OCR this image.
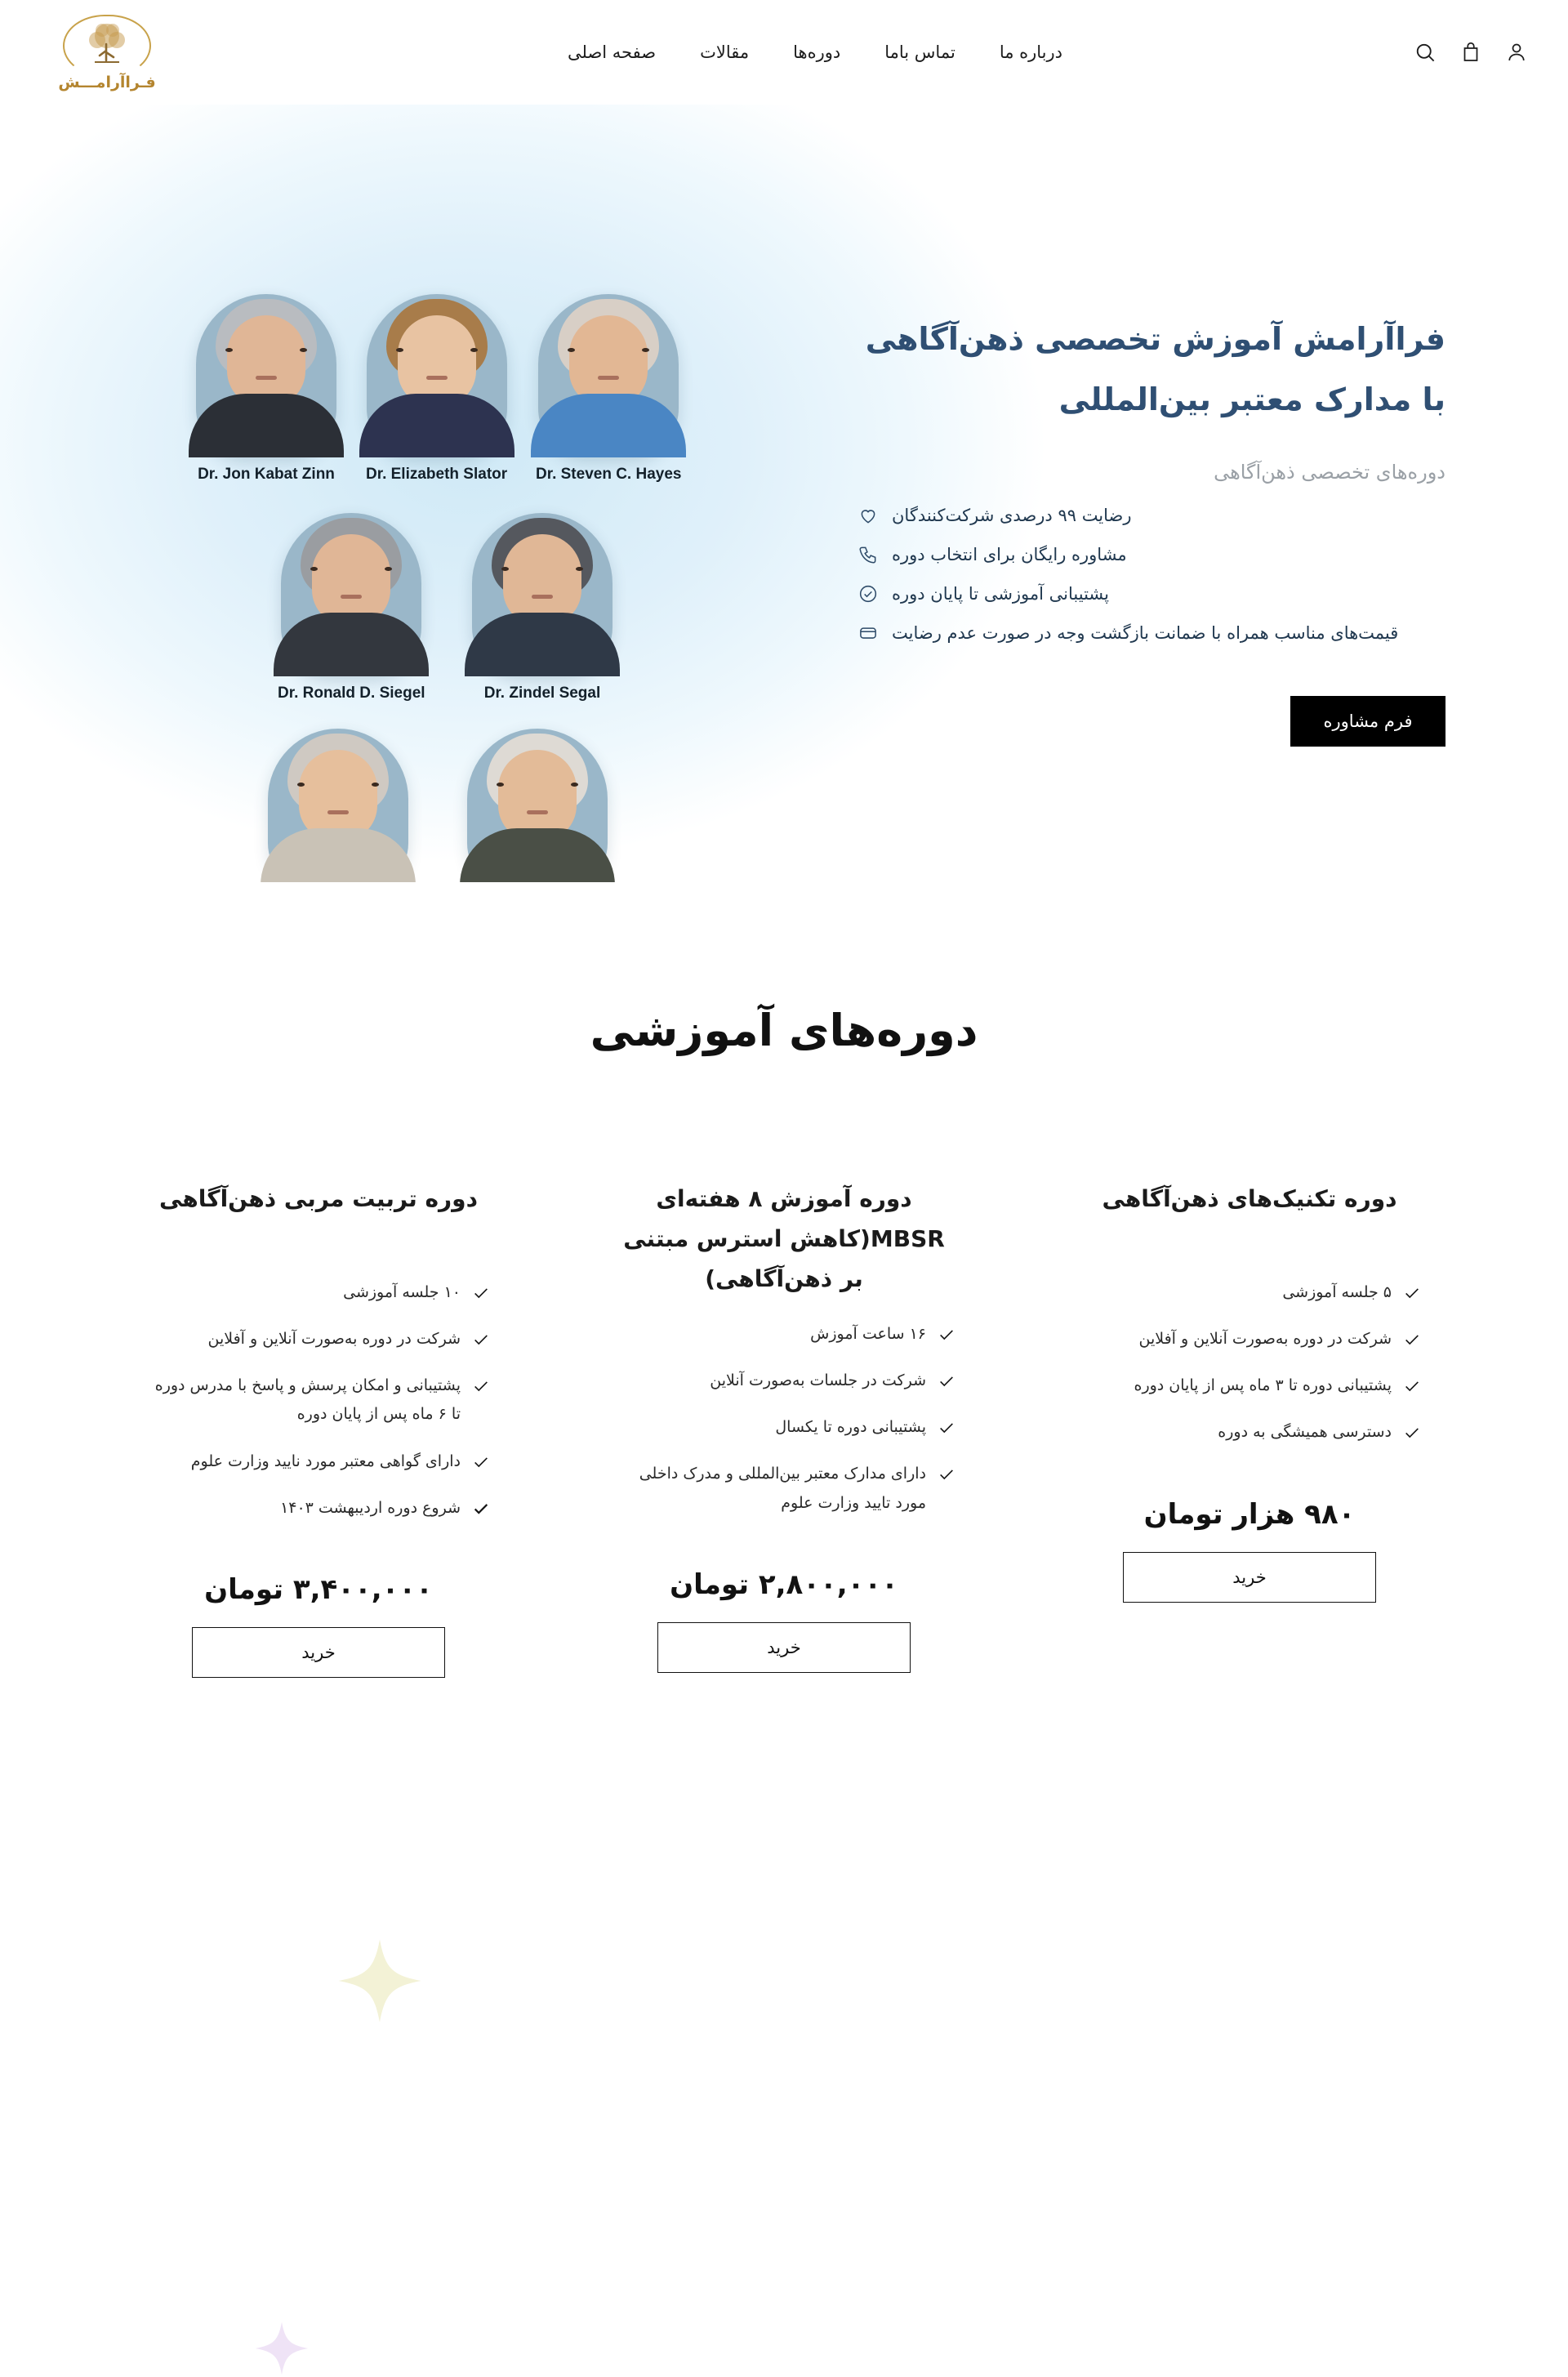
درباره ما
تماس باما
دوره‌ها
مقالات
صفحه اصلی
فـراآرامـــش
Dr. Jon Kabat Zinn Dr. Elizabeth Slator Dr. Steven C. Hayes
Dr. Ronald D. Siegel	Dr. Zindel Segal
فراآرامش آموزش تخصصی ذهن‌آگاهی
با مدارک معتبر بین‌المللی
دوره‌های تخصصی ذهن‌آگاهی
رضایت ۹۹ درصدی شرکت‌کنندگان
مشاوره رایگان برای انتخاب دوره
پشتیبانی آموزشی تا پایان دوره
قیمت‌های مناسب همراه با ضمانت بازگشت وجه در صورت عدم رضایت
فرم مشاوره
دوره‌های آموزشی
دوره تکنیک‌های ذهن‌آگاهی
۵ جلسه آموزشی
شرکت در دوره به‌صورت آنلاین و آفلاین
پشتیبانی دوره تا ۳ ماه پس از پایان دوره
دسترسی همیشگی به دوره
۹۸۰ هزار تومان
خرید
دوره آموزش ۸ هفته‌ای MBSR(کاهش استرس مبتنی بر ذهن‌آگاهی)
۱۶ ساعت آموزش
شرکت در جلسات به‌صورت آنلاین
پشتیبانی دوره تا یکسال
دارای مدارک معتبر بین‌المللی و مدرک داخلی مورد تایید وزارت علوم
۲,۸۰۰,۰۰۰ تومان
خرید
دوره تربیت مربی ذهن‌آگاهی
۱۰ جلسه آموزشی
شرکت در دوره به‌صورت آنلاین و آفلاین
پشتیبانی و امکان پرسش و پاسخ با مدرس دوره تا ۶ ماه پس از پایان دوره
دارای گواهی معتبر مورد نایید وزارت علوم
شروع دوره اردیبهشت ۱۴۰۳
۳,۴۰۰,۰۰۰ تومان
خرید
